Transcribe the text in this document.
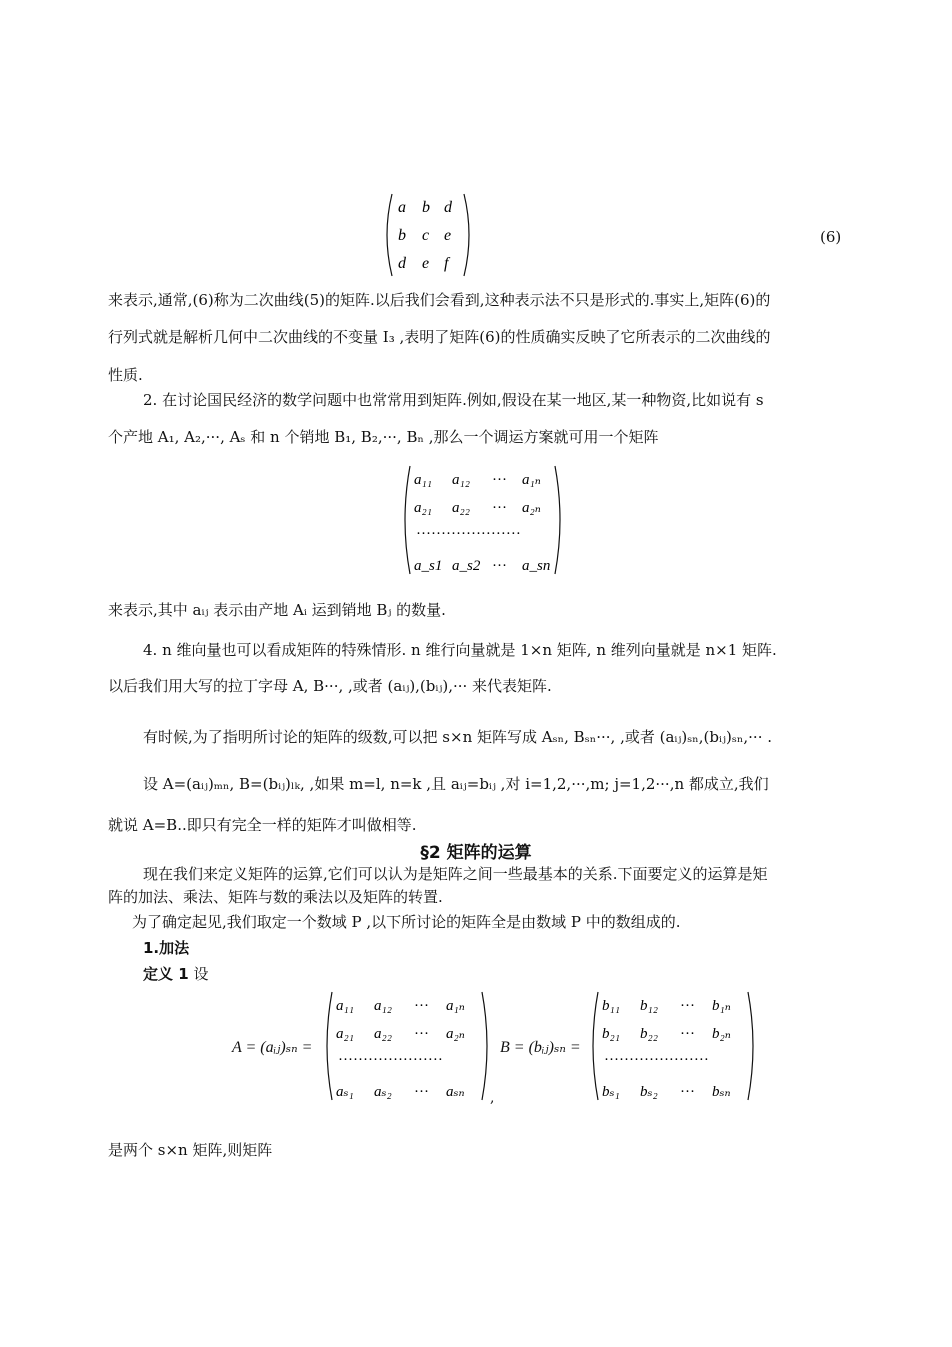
a b d
b c e
d e f
(6)
来表示,通常,(6)称为二次曲线(5)的矩阵.以后我们会看到,这种表示法不只是形式的.事实上,矩阵(6)的
行列式就是解析几何中二次曲线的不变量 I₃ ,表明了矩阵(6)的性质确实反映了它所表示的二次曲线的
性质.
2. 在讨论国民经济的数学问题中也常常用到矩阵.例如,假设在某一地区,某一种物资,比如说有 s
个产地 A₁, A₂,···, Aₛ 和 n 个销地 B₁, B₂,···, Bₙ ,那么一个调运方案就可用一个矩阵
a₁₁ a₁₂ ··· a₁ₙ
a₂₁ a₂₂ ··· a₂ₙ
·····················
a_s1 a_s2 ··· a_sn
来表示,其中 aᵢⱼ 表示由产地 Aᵢ 运到销地 Bⱼ 的数量.
4. n 维向量也可以看成矩阵的特殊情形. n 维行向量就是 1×n 矩阵, n 维列向量就是 n×1 矩阵.
以后我们用大写的拉丁字母 A, B···, ,或者 (aᵢⱼ),(bᵢⱼ),··· 来代表矩阵.
有时候,为了指明所讨论的矩阵的级数,可以把 s×n 矩阵写成 Aₛₙ, Bₛₙ···, ,或者 (aᵢⱼ)ₛₙ,(bᵢⱼ)ₛₙ,··· .
设 A=(aᵢⱼ)ₘₙ, B=(bᵢⱼ)ₗₖ, ,如果 m=l, n=k ,且 aᵢⱼ=bᵢⱼ ,对 i=1,2,···,m; j=1,2···,n 都成立,我们
就说 A=B..即只有完全一样的矩阵才叫做相等.
§2 矩阵的运算
现在我们来定义矩阵的运算,它们可以认为是矩阵之间一些最基本的关系.下面要定义的运算是矩
阵的加法、乘法、矩阵与数的乘法以及矩阵的转置.
为了确定起见,我们取定一个数域 P ,以下所讨论的矩阵全是由数域 P 中的数组成的.
1.加法
定义 1 设
A = (aᵢⱼ)ₛₙ =
a₁₁ a₁₂ ··· a₁ₙ
a₂₁ a₂₂ ··· a₂ₙ
·····················
aₛ₁ aₛ₂ ··· aₛₙ ,
B = (bᵢⱼ)ₛₙ =
b₁₁ b₁₂ ··· b₁ₙ
b₂₁ b₂₂ ··· b₂ₙ
·····················
bₛ₁ bₛ₂ ··· bₛₙ
是两个 s×n 矩阵,则矩阵
